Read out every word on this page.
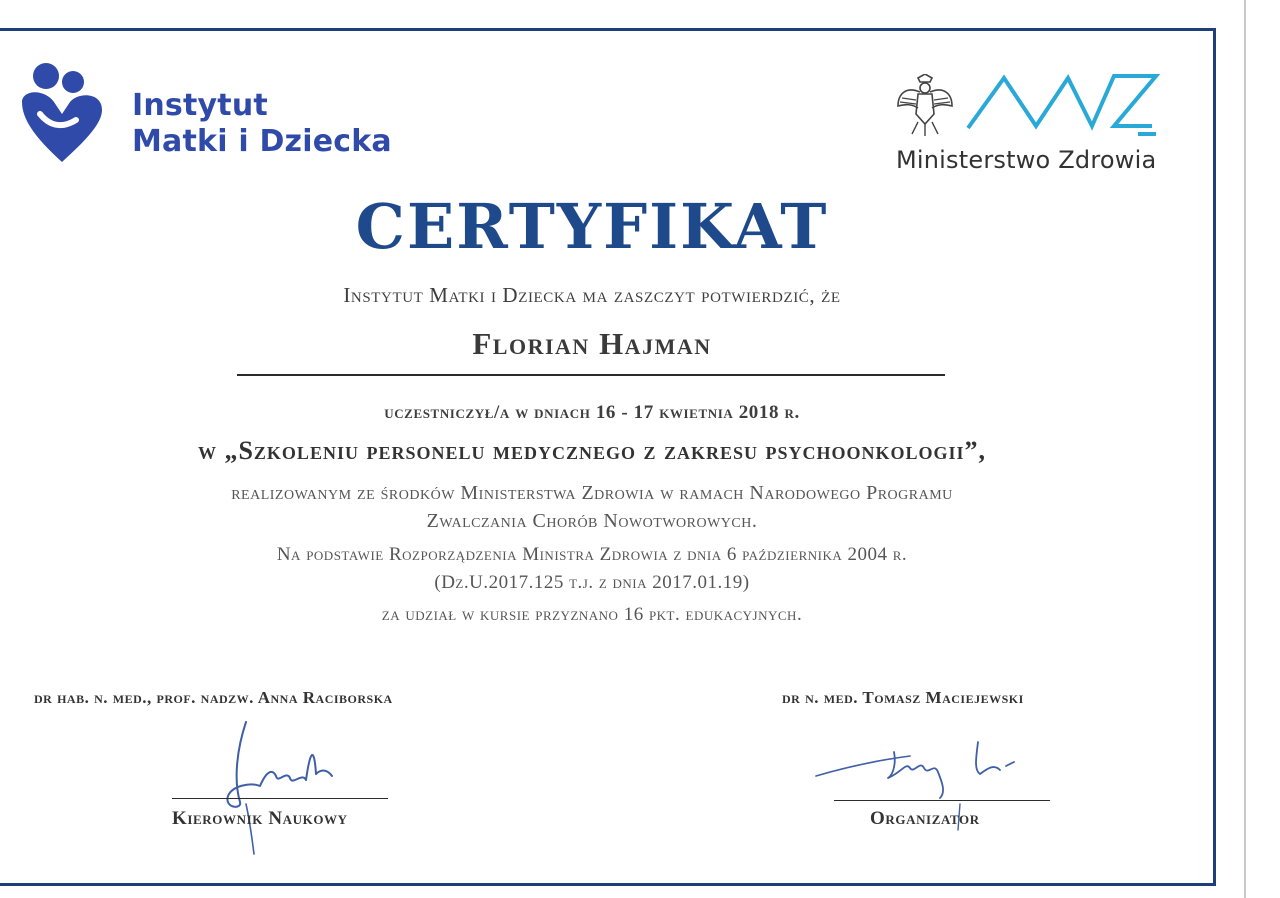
Instytut
Matki i Dziecka
Ministerstwo Zdrowia
CERTYFIKAT
Instytut Matki i Dziecka ma zaszczyt potwierdzić, że
Florian Hajman
uczestniczył/a w dniach 16 - 17 kwietnia 2018 r.
w „Szkoleniu personelu medycznego z zakresu psychoonkologii”,
realizowanym ze środków Ministerstwa Zdrowia w ramach Narodowego Programu
Zwalczania Chorób Nowotworowych.
Na podstawie Rozporządzenia Ministra Zdrowia z dnia 6 października 2004 r.
(Dz.U.2017.125 t.j. z dnia 2017.01.19)
za udział w kursie przyznano 16 pkt. edukacyjnych.
dr hab. n. med., prof. nadzw. Anna Raciborska
Kierownik Naukowy
dr n. med. Tomasz Maciejewski
Organizator
